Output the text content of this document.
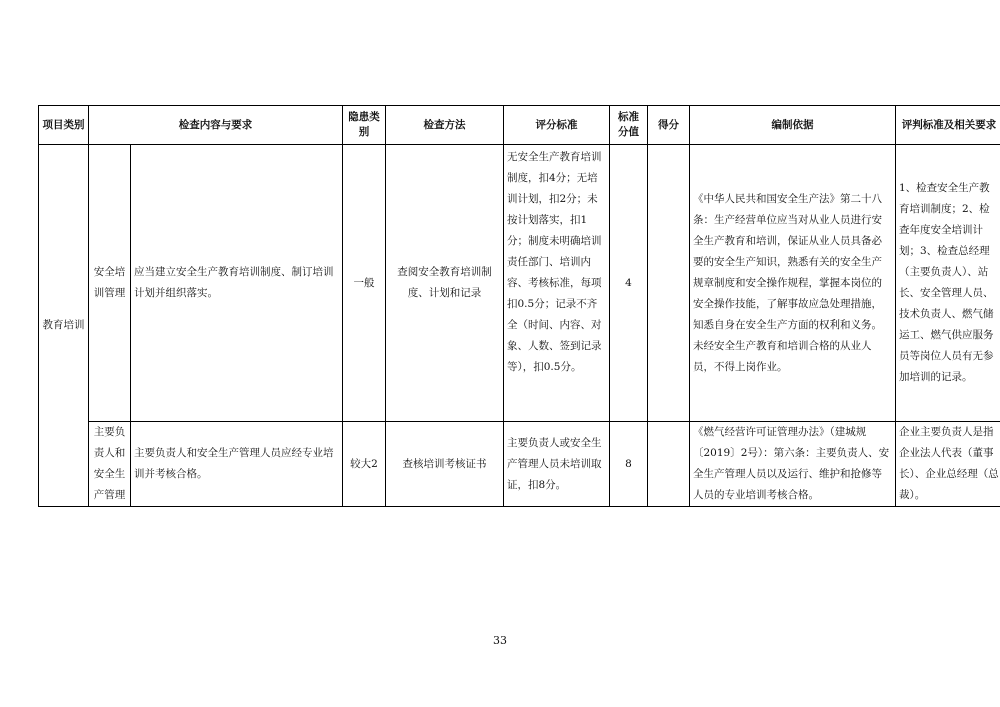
项目类别	检查内容与要求		隐患类别	检查方法	评分标准	标准分值	得分	编制依据	评判标准及相关要求
教育培训	安全培训管理	应当建立安全生产教育培训制度、制订培训计划并组织落实。	一般	查阅安全教育培训制度、计划和记录	无安全生产教育培训制度，扣4分；无培训计划，扣2分；未按计划落实，扣1分；制度未明确培训责任部门、培训内容、考核标准，每项扣0.5分；记录不齐全（时间、内容、对象、人数、签到记录等），扣0.5分。	4		《中华人民共和国安全生产法》第二十八条：生产经营单位应当对从业人员进行安全生产教育和培训，保证从业人员具备必要的安全生产知识，熟悉有关的安全生产规章制度和安全操作规程，掌握本岗位的安全操作技能，了解事故应急处理措施，知悉自身在安全生产方面的权利和义务。未经安全生产教育和培训合格的从业人员，不得上岗作业。	1、检查安全生产教育培训制度；2、检查年度安全培训计划；3、检查总经理（主要负责人）、站长、安全管理人员、技术负责人、燃气储运工、燃气供应服务员等岗位人员有无参加培训的记录。
	主要负责人和安全生产管理	主要负责人和安全生产管理人员应经专业培训并考核合格。	较大2	查核培训考核证书	主要负责人或安全生产管理人员未培训取证，扣8分。	8		《燃气经营许可证管理办法》（建城规〔2019〕2号）：第六条：主要负责人、安全生产管理人员以及运行、维护和抢修等人员的专业培训考核合格。	企业主要负责人是指企业法人代表（董事长）、企业总经理（总裁）。
33
